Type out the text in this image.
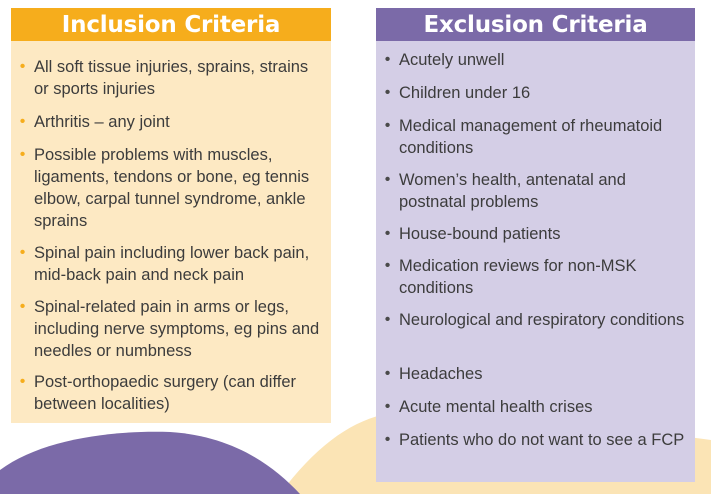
Inclusion Criteria
• All soft tissue injuries, sprains, strains or sports injuries
• Arthritis – any joint
• Possible problems with muscles, ligaments, tendons or bone, eg tennis elbow, carpal tunnel syndrome, ankle sprains
• Spinal pain including lower back pain, mid-back pain and neck pain
• Spinal-related pain in arms or legs, including nerve symptoms, eg pins and needles or numbness
• Post-orthopaedic surgery (can differ between localities)
Exclusion Criteria
• Acutely unwell
• Children under 16
• Medical management of rheumatoid conditions
• Women’s health, antenatal and postnatal problems
• House-bound patients
• Medication reviews for non-MSK conditions
• Neurological and respiratory conditions
• Headaches
• Acute mental health crises
• Patients who do not want to see a FCP
